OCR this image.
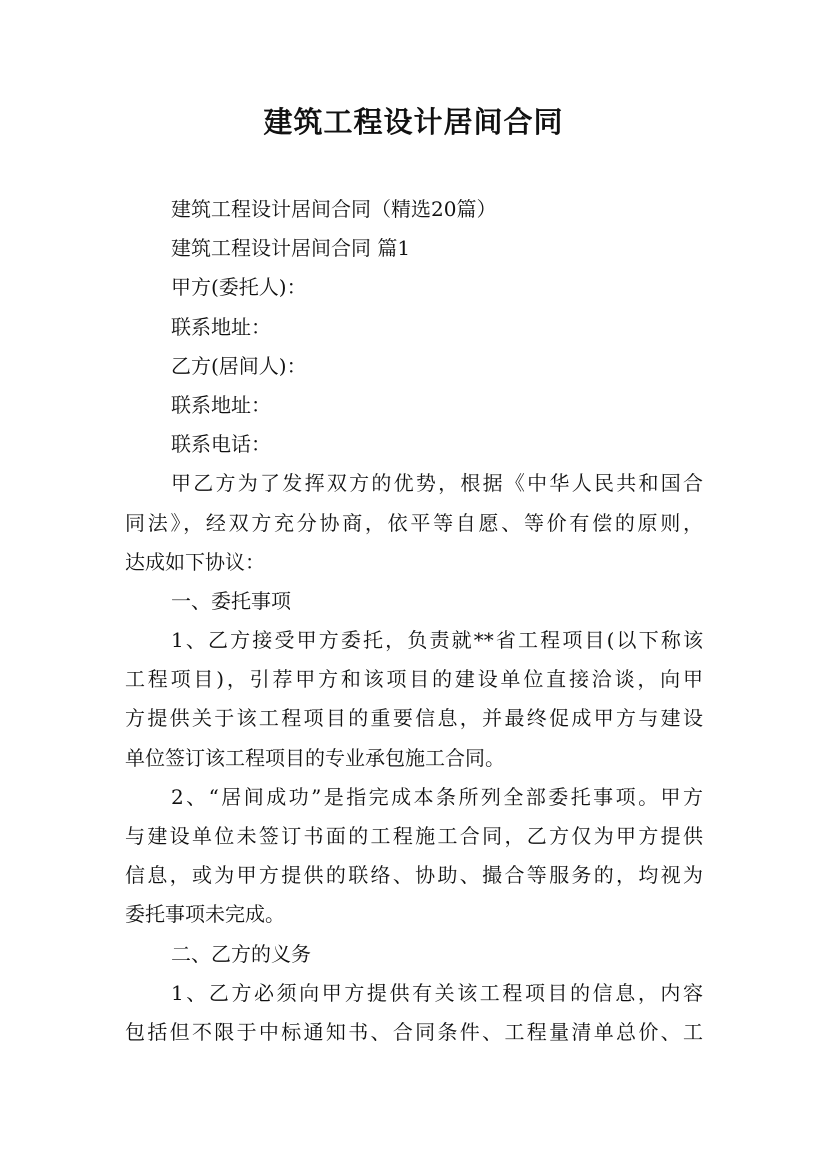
建筑工程设计居间合同
建筑工程设计居间合同（精选20篇）
建筑工程设计居间合同 篇1
甲方(委托人)：
联系地址：
乙方(居间人)：
联系地址：
联系电话：
甲乙方为了发挥双方的优势，根据《中华人民共和国合
同法》，经双方充分协商，依平等自愿、等价有偿的原则，
达成如下协议：
一、委托事项
1、乙方接受甲方委托，负责就**省工程项目(以下称该
工程项目)，引荐甲方和该项目的建设单位直接洽谈，向甲
方提供关于该工程项目的重要信息，并最终促成甲方与建设
单位签订该工程项目的专业承包施工合同。
2、“居间成功”是指完成本条所列全部委托事项。甲方
与建设单位未签订书面的工程施工合同，乙方仅为甲方提供
信息，或为甲方提供的联络、协助、撮合等服务的，均视为
委托事项未完成。
二、乙方的义务
1、乙方必须向甲方提供有关该工程项目的信息，内容
包括但不限于中标通知书、合同条件、工程量清单总价、工
